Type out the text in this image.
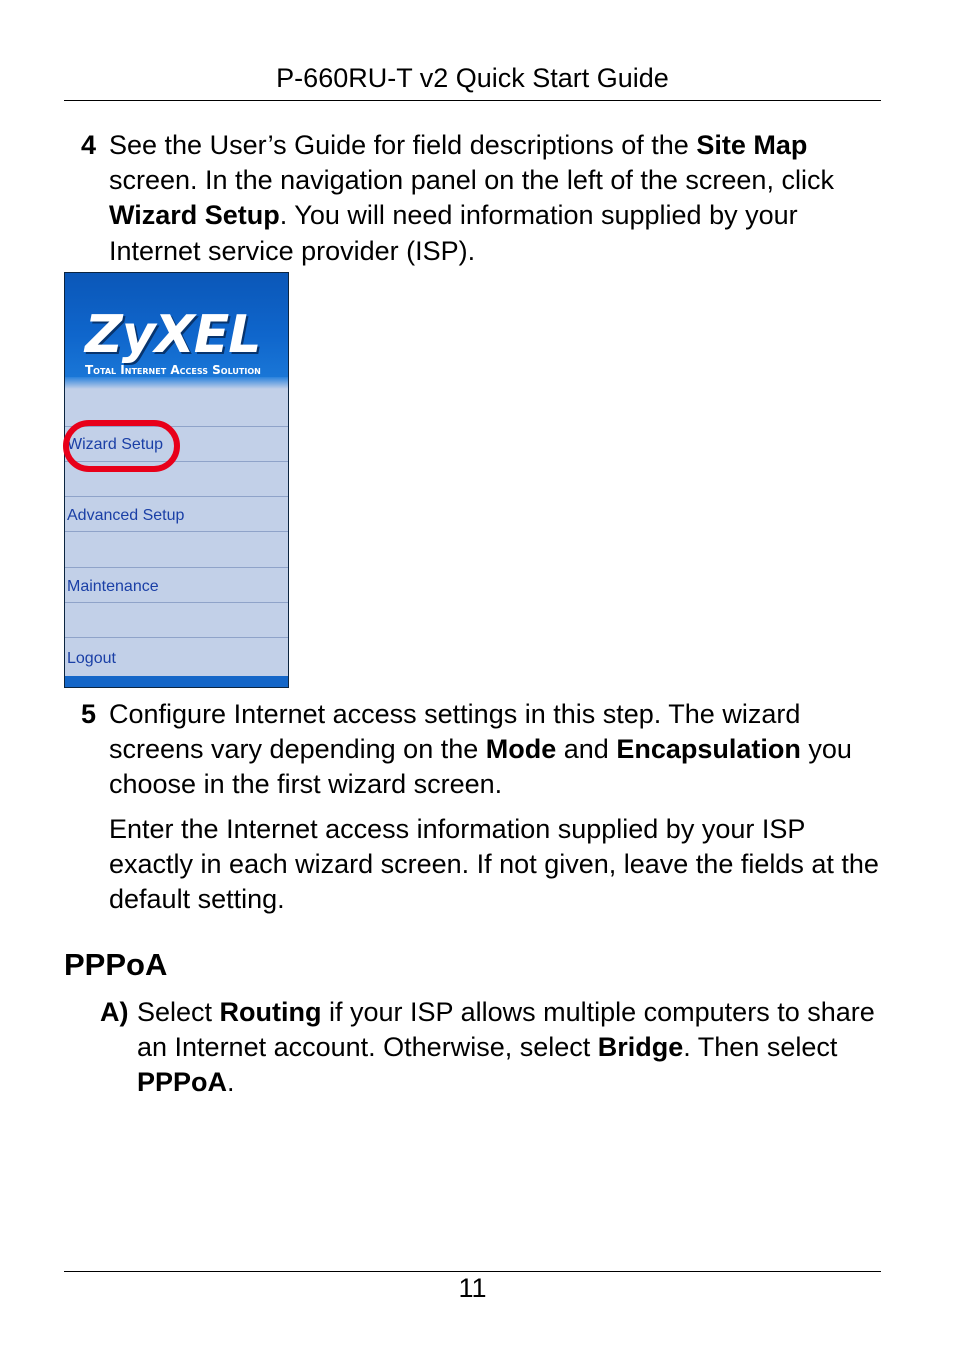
P-660RU-T v2 Quick Start Guide
4 See the User’s Guide for field descriptions of the Site Map screen. In the navigation panel on the left of the screen, click Wizard Setup. You will need information supplied by your Internet service provider (ISP).
ZyXEL
Total Internet Access Solution
Wizard Setup
Advanced Setup
Maintenance
Logout
5 Configure Internet access settings in this step. The wizard screens vary depending on the Mode and Encapsulation you choose in the first wizard screen.
Enter the Internet access information supplied by your ISP exactly in each wizard screen. If not given, leave the fields at the default setting.
PPPoA
A) Select Routing if your ISP allows multiple computers to share an Internet account. Otherwise, select Bridge. Then select PPPoA.
11
